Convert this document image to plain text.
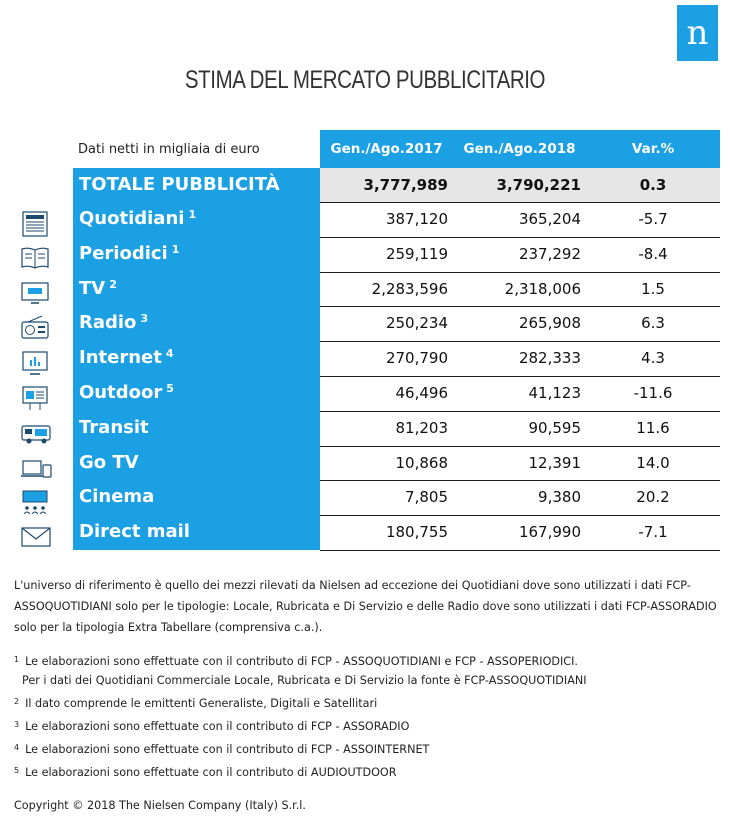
n
STIMA DEL MERCATO PUBBLICITARIO
Dati netti in migliaia di euro	Gen./Ago.2017	Gen./Ago.2018	Var.%
TOTALE PUBBLICITÀ	3,777,989	3,790,221	0.3
Quotidiani $^1$	387,120	365,204	-5.7
Periodici $^1$	259,119	237,292	-8.4
TV $^2$	2,283,596	2,318,006	1.5
Radio $^3$	250,234	265,908	6.3
Internet $^4$	270,790	282,333	4.3
Outdoor $^5$	46,496	41,123	-11.6
Transit	81,203	90,595	11.6
Go TV	10,868	12,391	14.0
Cinema	7,805	9,380	20.2
Direct mail	180,755	167,990	-7.1
L'universo di riferimento è quello dei mezzi rilevati da Nielsen ad eccezione dei Quotidiani dove sono utilizzati i dati FCP-
ASSOQUOTIDIANI solo per le tipologie: Locale, Rubricata e Di Servizio e delle Radio dove sono utilizzati i dati FCP-ASSORADIO
solo per la tipologia Extra Tabellare (comprensiva c.a.).
$^1$ Le elaborazioni sono effettuate con il contributo di FCP - ASSOQUOTIDIANI e FCP - ASSOPERIODICI.
Per i dati dei Quotidiani Commerciale Locale, Rubricata e Di Servizio la fonte è FCP-ASSOQUOTIDIANI
$^2$ Il dato comprende le emittenti Generaliste, Digitali e Satellitari
$^3$ Le elaborazioni sono effettuate con il contributo di FCP - ASSORADIO
$^4$ Le elaborazioni sono effettuate con il contributo di FCP - ASSOINTERNET
$^5$ Le elaborazioni sono effettuate con il contributo di AUDIOUTDOOR
Copyright © 2018 The Nielsen Company (Italy) S.r.l.
